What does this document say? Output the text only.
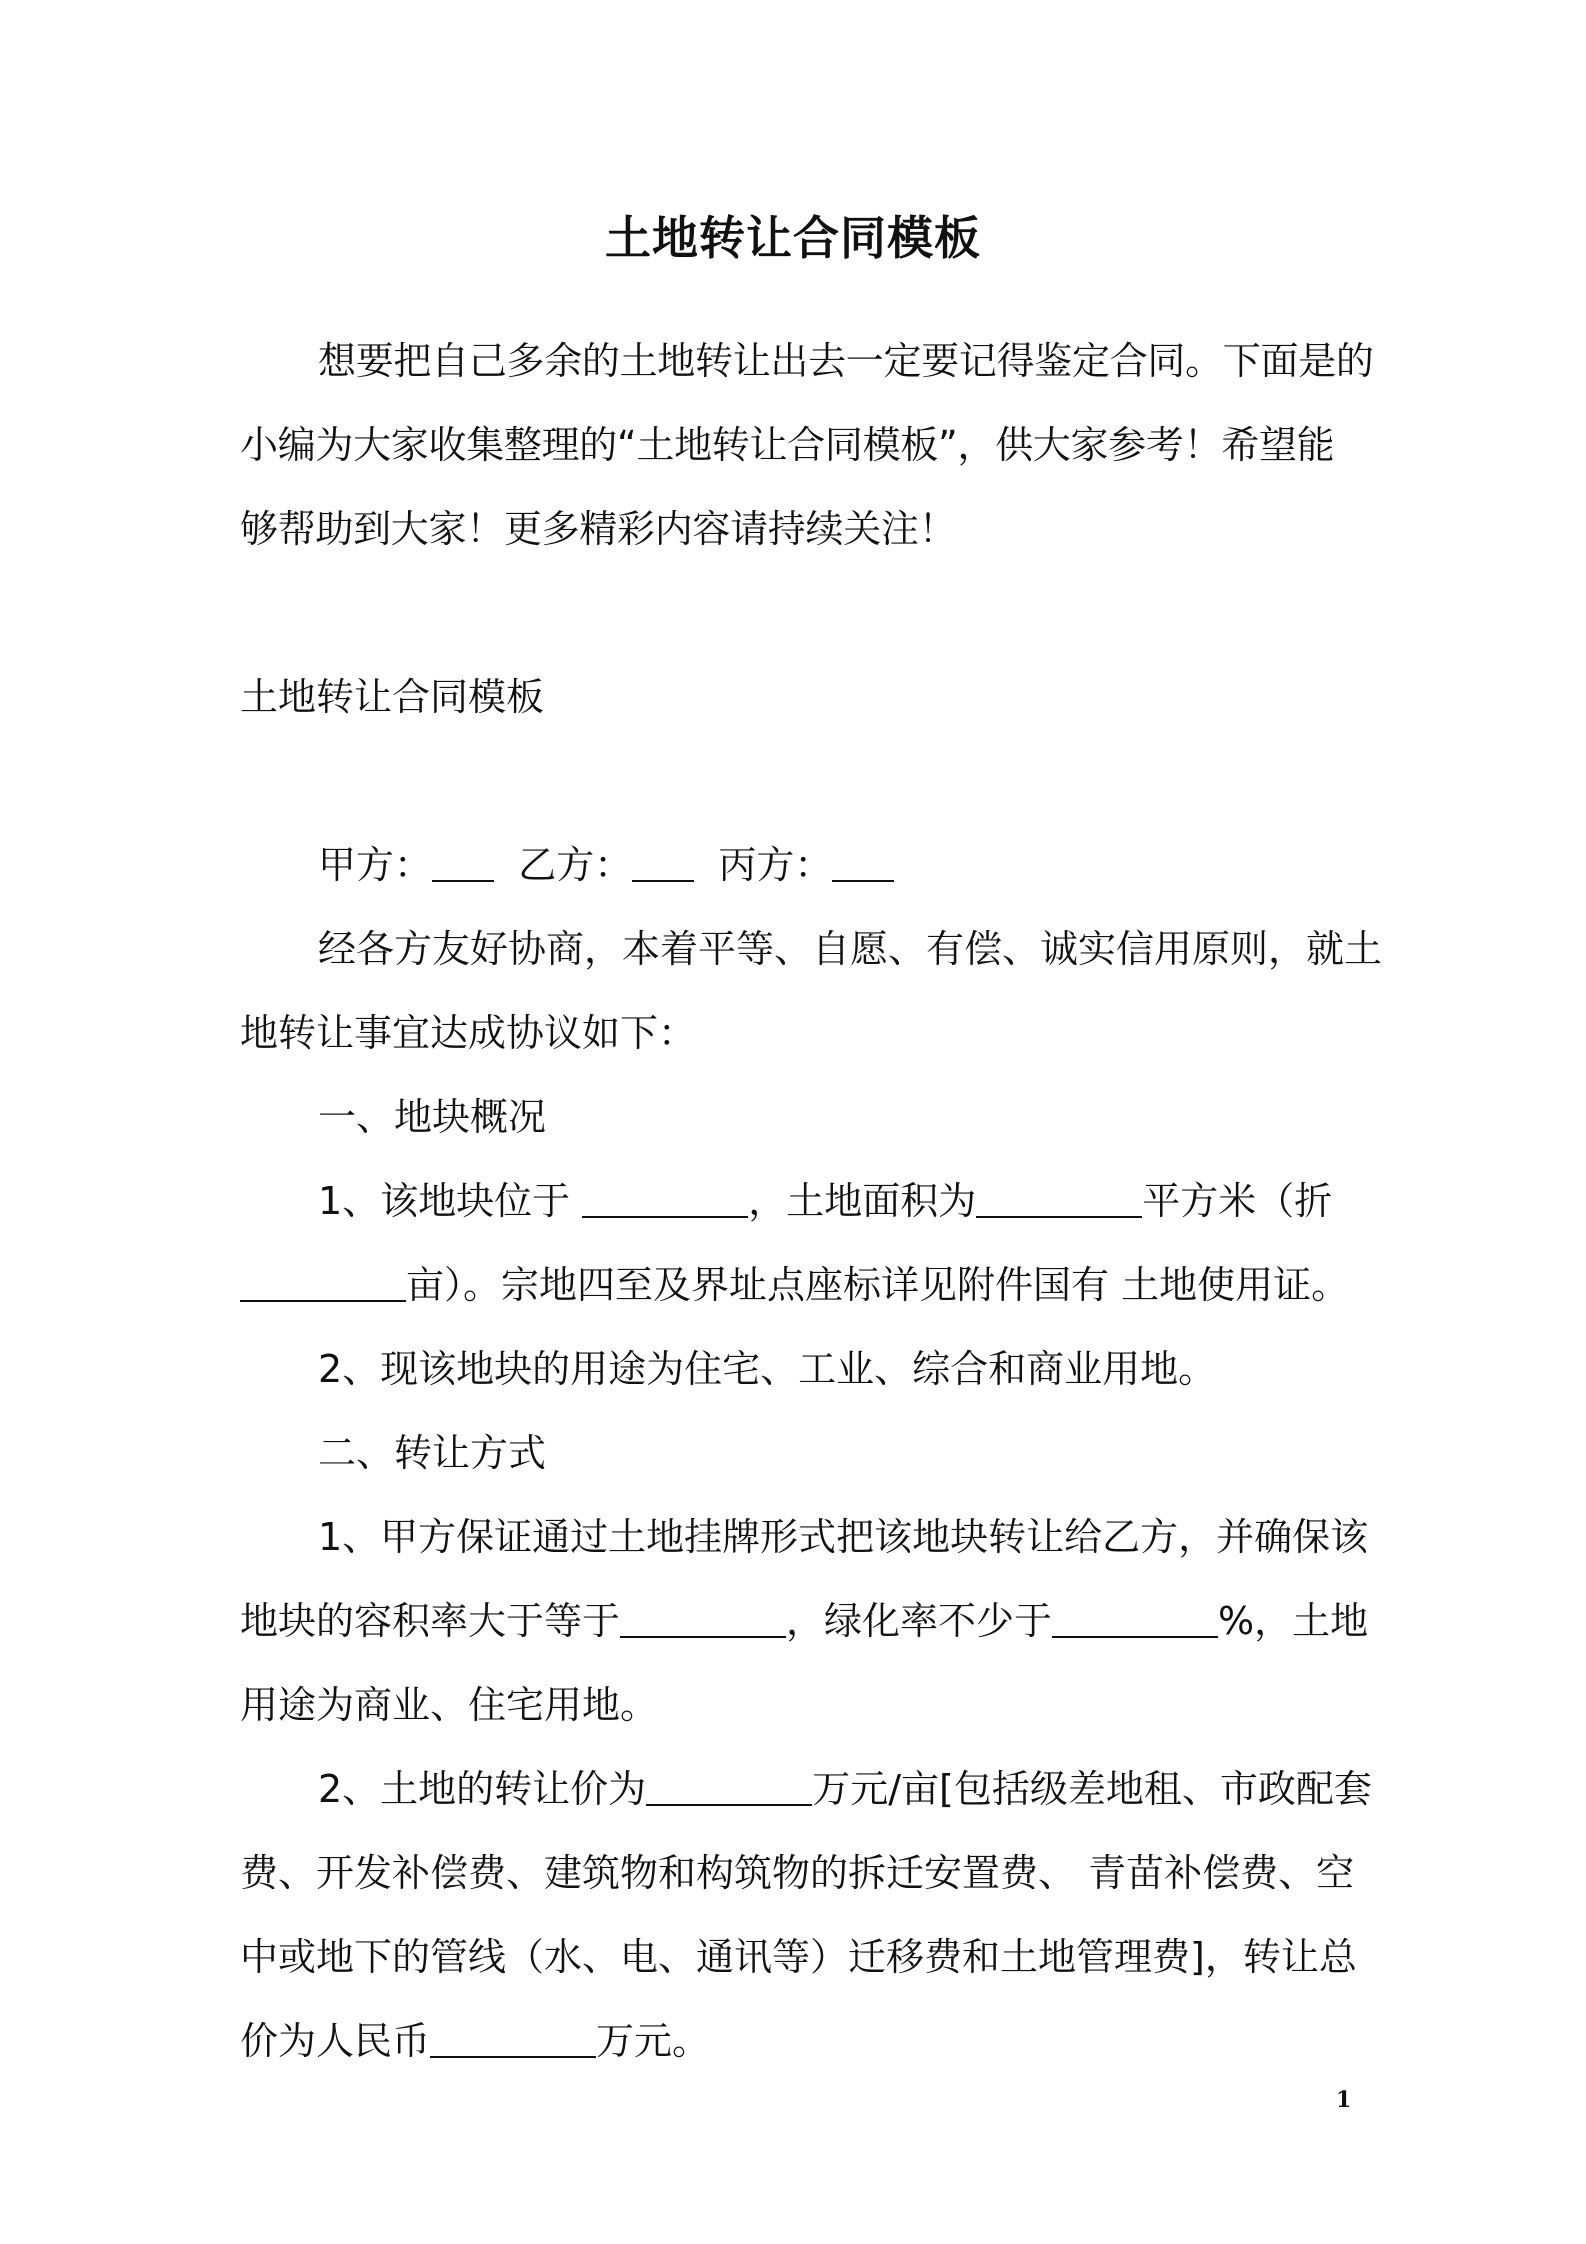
土地转让合同模板
想要把自己多余的土地转让出去一定要记得鉴定合同。下面是的
小编为大家收集整理的“土地转让合同模板”，供大家参考！希望能
够帮助到大家！更多精彩内容请持续关注！
土地转让合同模板
甲方： 乙方： 丙方：
经各方友好协商，本着平等、自愿、有偿、诚实信用原则，就土
地转让事宜达成协议如下：
一、地块概况
1、该地块位于	，土地面积为	平方米（折
亩）。宗地四至及界址点座标详见附件国有 土地使用证。
2、现该地块的用途为住宅、工业、综合和商业用地。
二、转让方式
1、甲方保证通过土地挂牌形式把该地块转让给乙方，并确保该
地块的容积率大于等于	，绿化率不少于	%，土地
用途为商业、住宅用地。
2、土地的转让价为	万元/亩[包括级差地租、市政配套
费、开发补偿费、建筑物和构筑物的拆迁安置费、 青苗补偿费、空
中或地下的管线（水、电、通讯等）迁移费和土地管理费]，转让总
价为人民币	万元。
1
